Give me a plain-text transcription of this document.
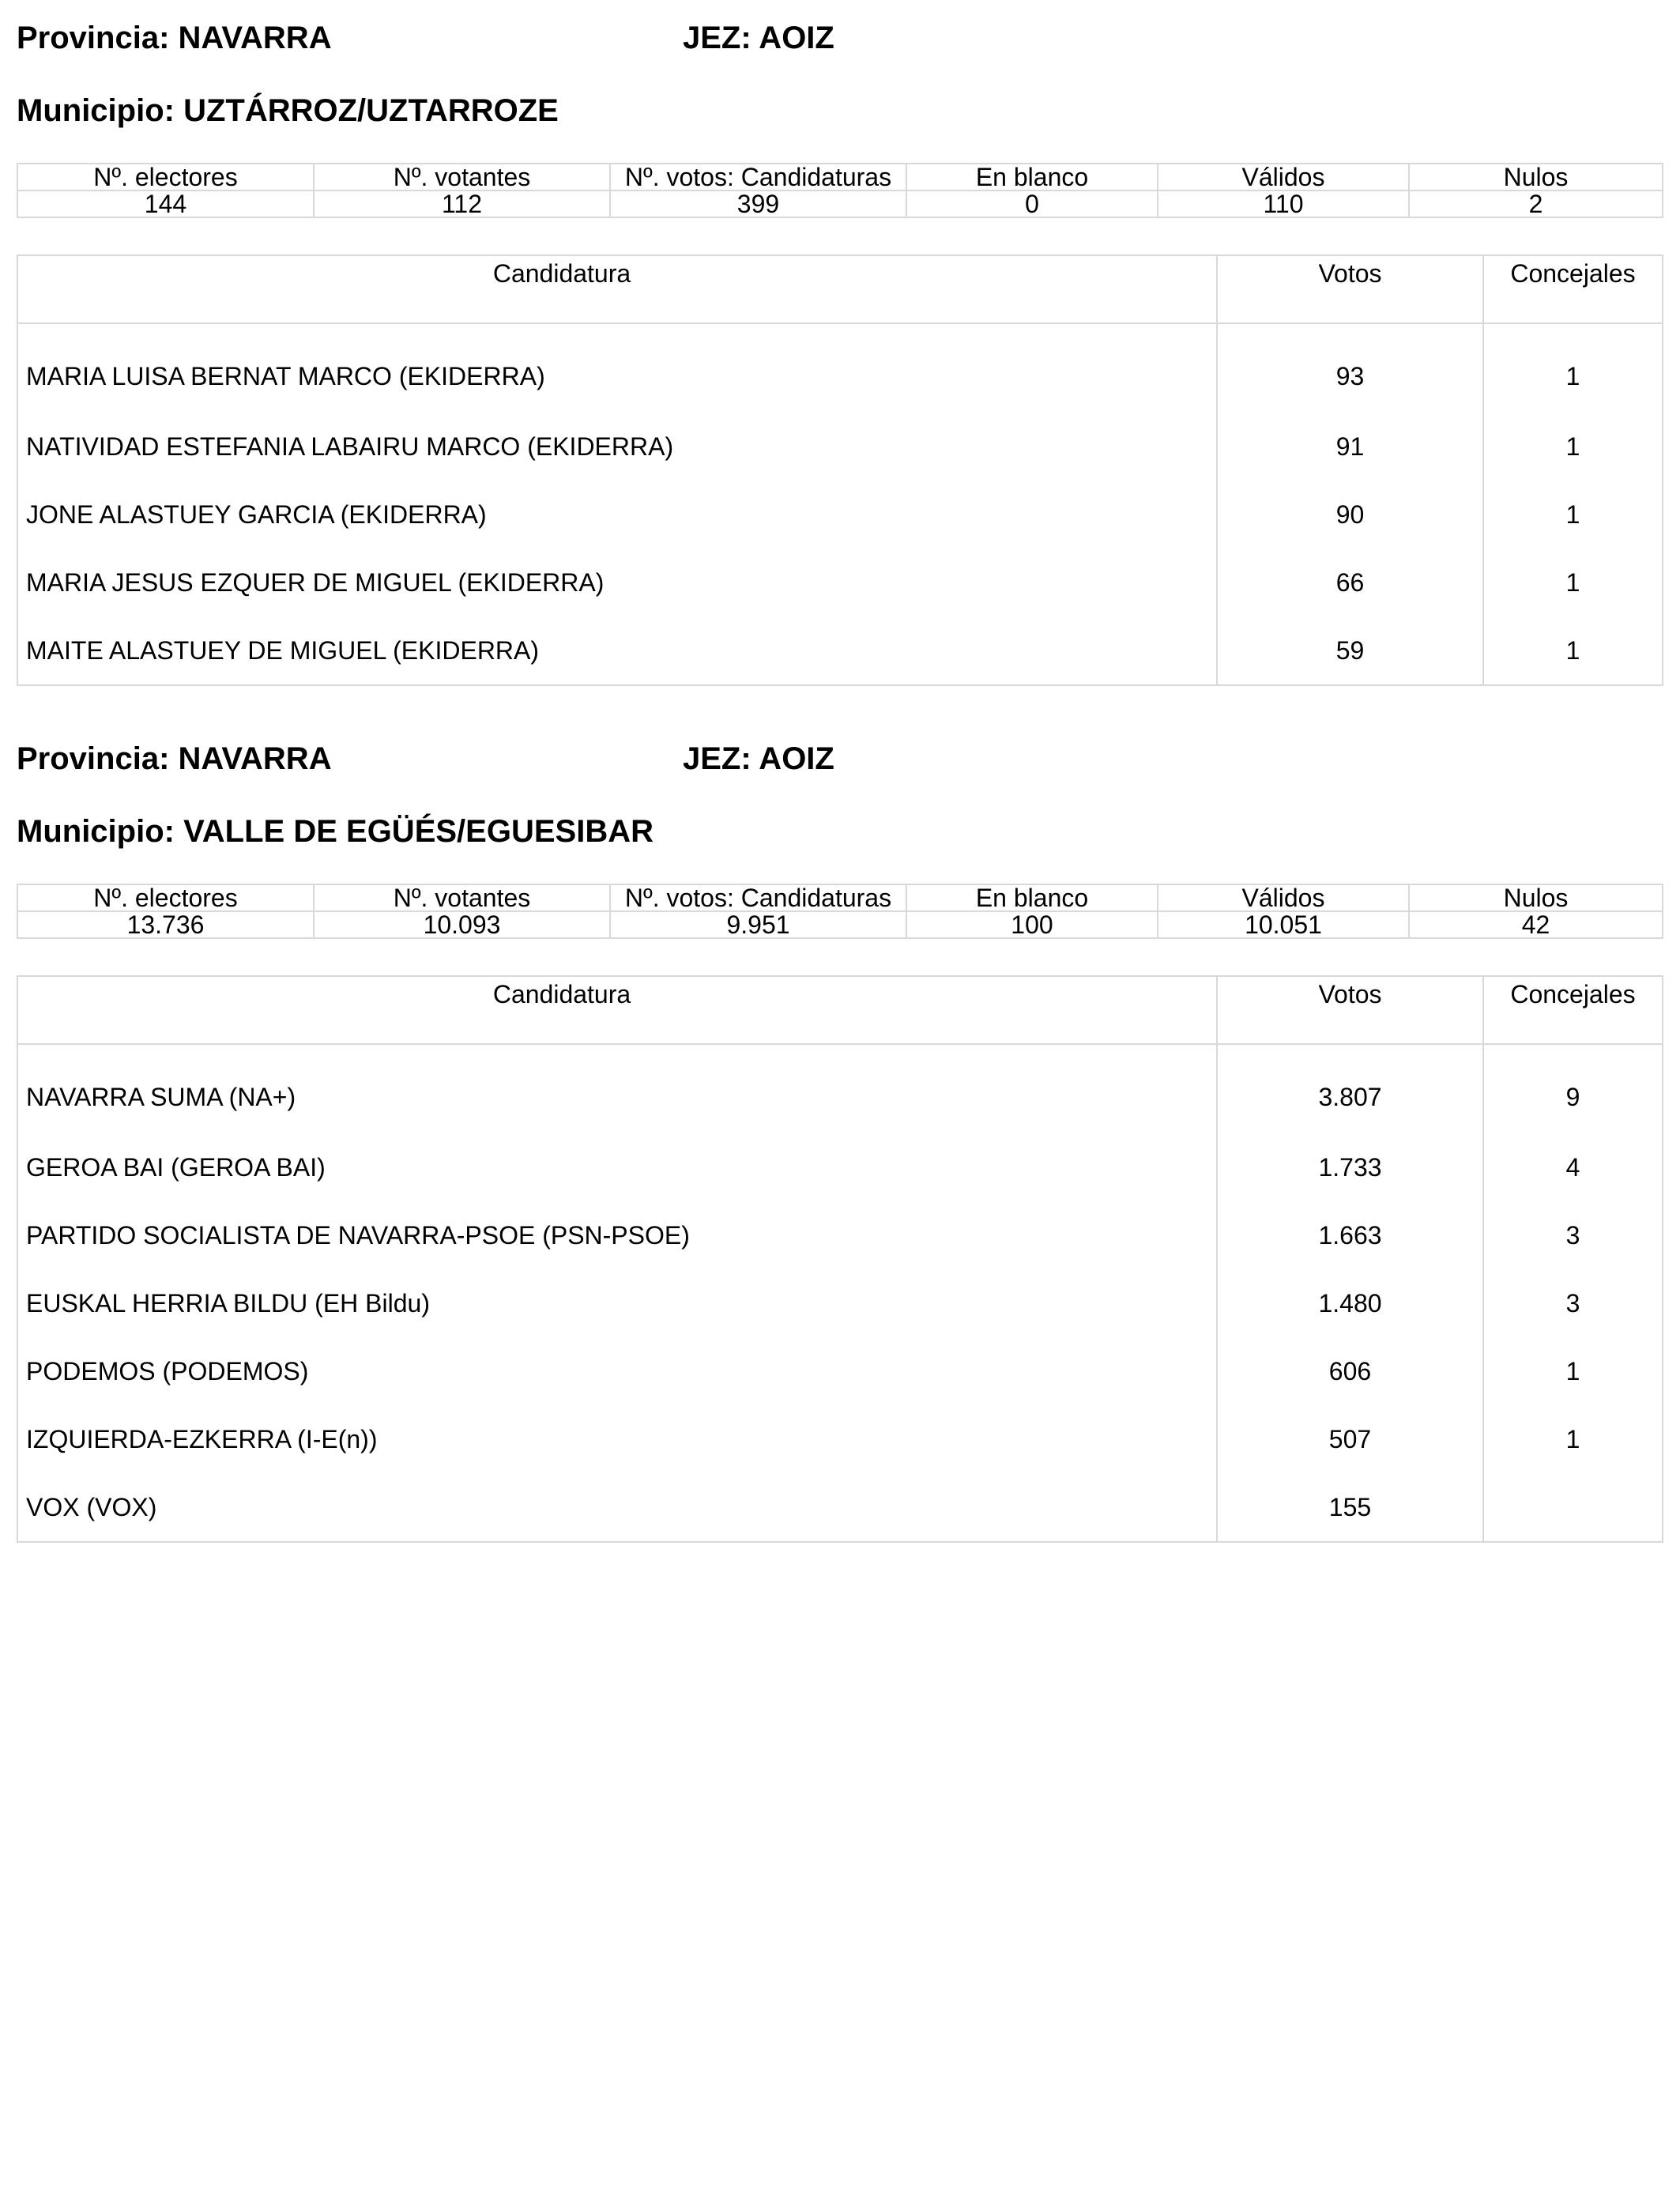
Provincia: NAVARRA	JEZ: AOIZ
Municipio: UZTÁRROZ/UZTARROZE
Nº. electores	Nº. votantes	Nº. votos: Candidaturas	En blanco	Válidos	Nulos
144	112	399	0	110	2
Candidatura	Votos	Concejales
MARIA LUISA BERNAT MARCO (EKIDERRA)	93	1
NATIVIDAD ESTEFANIA LABAIRU MARCO (EKIDERRA)	91	1
JONE ALASTUEY GARCIA (EKIDERRA)	90	1
MARIA JESUS EZQUER DE MIGUEL (EKIDERRA)	66	1
MAITE ALASTUEY DE MIGUEL (EKIDERRA)	59	1
Provincia: NAVARRA	JEZ: AOIZ
Municipio: VALLE DE EGÜÉS/EGUESIBAR
Nº. electores	Nº. votantes	Nº. votos: Candidaturas	En blanco	Válidos	Nulos
13.736	10.093	9.951	100	10.051	42
Candidatura	Votos	Concejales
NAVARRA SUMA (NA+)	3.807	9
GEROA BAI (GEROA BAI)	1.733	4
PARTIDO SOCIALISTA DE NAVARRA-PSOE (PSN-PSOE)	1.663	3
EUSKAL HERRIA BILDU (EH Bildu)	1.480	3
PODEMOS (PODEMOS)	606	1
IZQUIERDA-EZKERRA (I-E(n))	507	1
VOX (VOX)	155	
